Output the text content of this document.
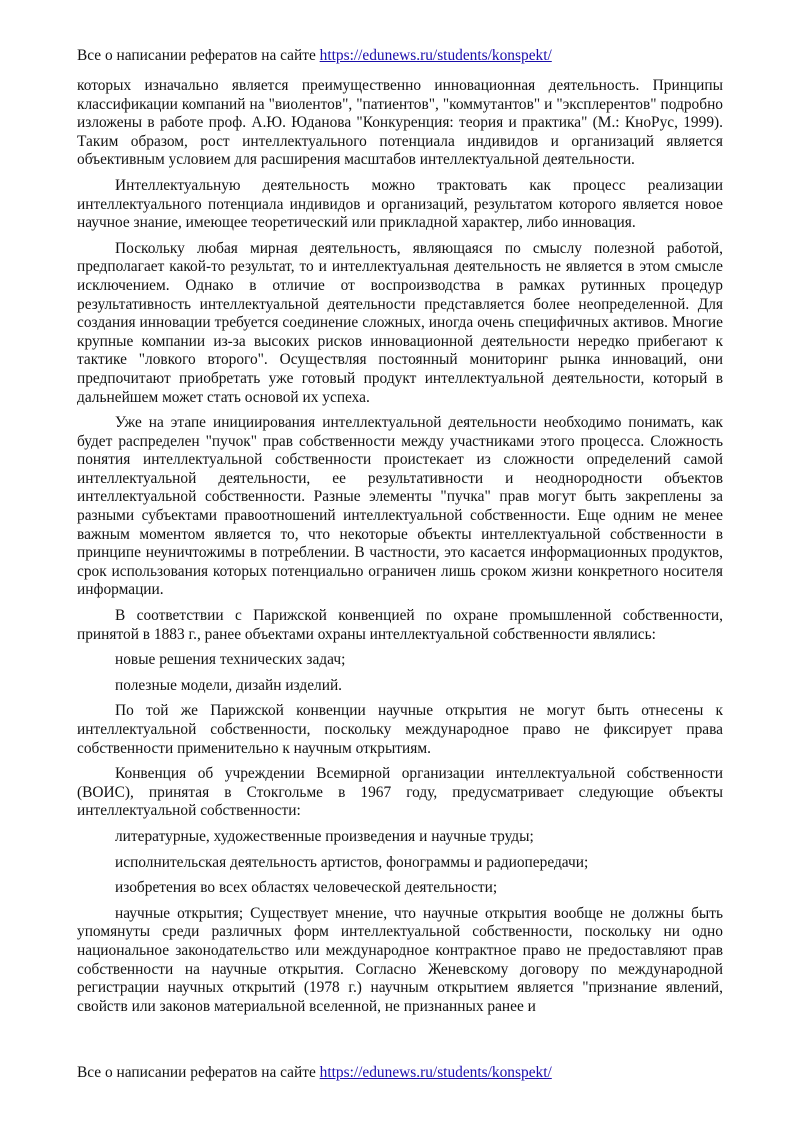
Все о написании рефератов на сайте https://edunews.ru/students/konspekt/

которых изначально является преимущественно инновационная деятельность. Принципы классификации компаний на "виолентов", "патиентов", "коммутантов" и "эксплерентов" подробно изложены в работе проф. А.Ю. Юданова "Конкуренция: теория и практика" (М.: КноРус, 1999). Таким образом, рост интеллектуального потенциала индивидов и организаций является объективным условием для расширения масштабов интеллектуальной деятельности.

Интеллектуальную деятельность можно трактовать как процесс реализации интеллектуального потенциала индивидов и организаций, результатом которого является новое научное знание, имеющее теоретический или прикладной характер, либо инновация.

Поскольку любая мирная деятельность, являющаяся по смыслу полезной работой, предполагает какой-то результат, то и интеллектуальная деятельность не является в этом смысле исключением. Однако в отличие от воспроизводства в рамках рутинных процедур результативность интеллектуальной деятельности представляется более неопределенной. Для создания инновации требуется соединение сложных, иногда очень специфичных активов. Многие крупные компании из-за высоких рисков инновационной деятельности нередко прибегают к тактике "ловкого второго". Осуществляя постоянный мониторинг рынка инноваций, они предпочитают приобретать уже готовый продукт интеллектуальной деятельности, который в дальнейшем может стать основой их успеха.

Уже на этапе инициирования интеллектуальной деятельности необходимо понимать, как будет распределен "пучок" прав собственности между участниками этого процесса. Сложность понятия интеллектуальной собственности проистекает из сложности определений самой интеллектуальной деятельности, ее результативности и неоднородности объектов интеллектуальной собственности. Разные элементы "пучка" прав могут быть закреплены за разными субъектами правоотношений интеллектуальной собственности. Еще одним не менее важным моментом является то, что некоторые объекты интеллектуальной собственности в принципе неуничтожимы в потреблении. В частности, это касается информационных продуктов, срок использования которых потенциально ограничен лишь сроком жизни конкретного носителя информации.

В соответствии с Парижской конвенцией по охране промышленной собственности, принятой в 1883 г., ранее объектами охраны интеллектуальной собственности являлись:

новые решения технических задач;

полезные модели, дизайн изделий.

По той же Парижской конвенции научные открытия не могут быть отнесены к интеллектуальной собственности, поскольку международное право не фиксирует права собственности применительно к научным открытиям.

Конвенция об учреждении Всемирной организации интеллектуальной собственности (ВОИС), принятая в Стокгольме в 1967 году, предусматривает следующие объекты интеллектуальной собственности:

литературные, художественные произведения и научные труды;

исполнительская деятельность артистов, фонограммы и радиопередачи;

изобретения во всех областях человеческой деятельности;

научные открытия; Существует мнение, что научные открытия вообще не должны быть упомянуты среди различных форм интеллектуальной собственности, поскольку ни одно национальное законодательство или международное контрактное право не предоставляют прав собственности на научные открытия. Согласно Женевскому договору по международной регистрации научных открытий (1978 г.) научным открытием является "признание явлений, свойств или законов материальной вселенной, не признанных ранее и

Все о написании рефератов на сайте https://edunews.ru/students/konspekt/
